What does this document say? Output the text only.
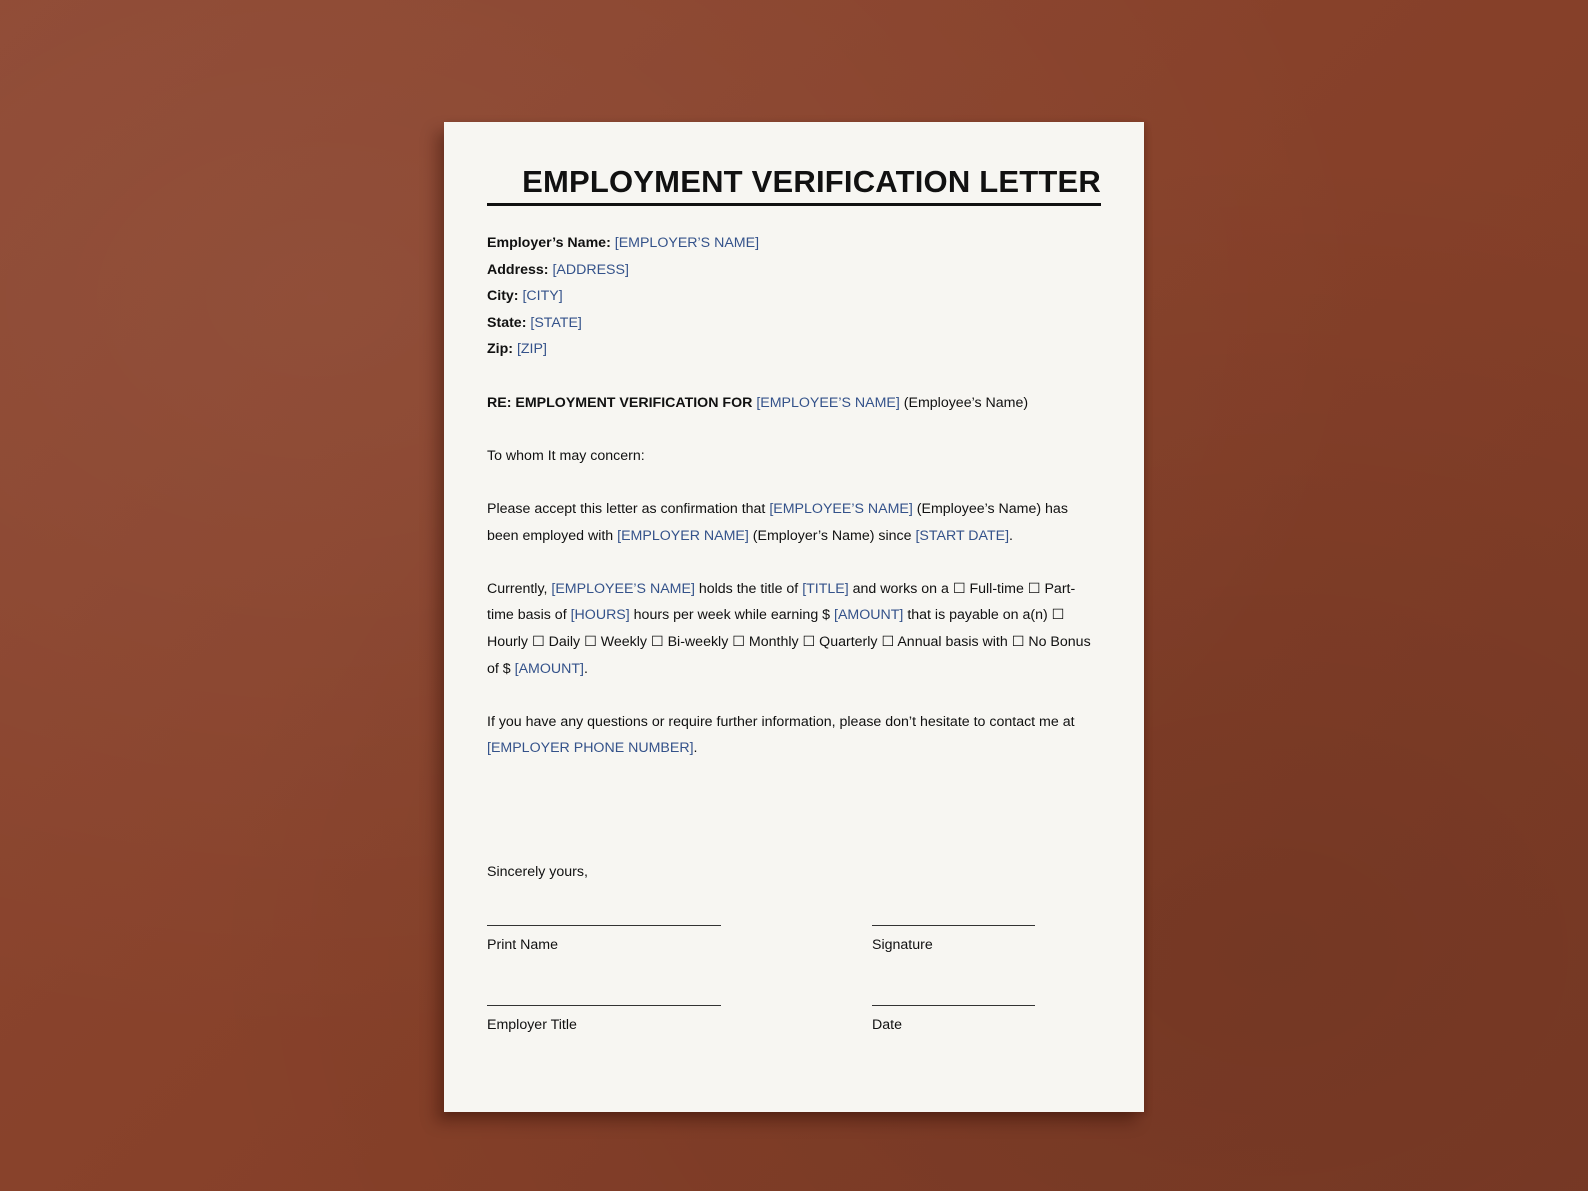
EMPLOYMENT VERIFICATION LETTER

Employer’s Name: [EMPLOYER’S NAME]

Address: [ADDRESS]

City: [CITY]

State: [STATE]

Zip: [ZIP]

RE: EMPLOYMENT VERIFICATION FOR [EMPLOYEE’S NAME] (Employee’s Name)

To whom It may concern:

Please accept this letter as confirmation that [EMPLOYEE’S NAME] (Employee’s Name) has been employed with [EMPLOYER NAME] (Employer’s Name) since [START DATE].

Currently, [EMPLOYEE’S NAME] holds the title of [TITLE] and works on a ☐ Full-time ☐ Part-time basis of [HOURS] hours per week while earning $ [AMOUNT] that is payable on a(n) ☐ Hourly ☐ Daily ☐ Weekly ☐ Bi-weekly ☐ Monthly ☐ Quarterly ☐ Annual basis with ☐ No Bonus of $ [AMOUNT].

If you have any questions or require further information, please don’t hesitate to contact me at [EMPLOYER PHONE NUMBER].

Sincerely yours,
Print Name	Signature
Employer Title	Date
